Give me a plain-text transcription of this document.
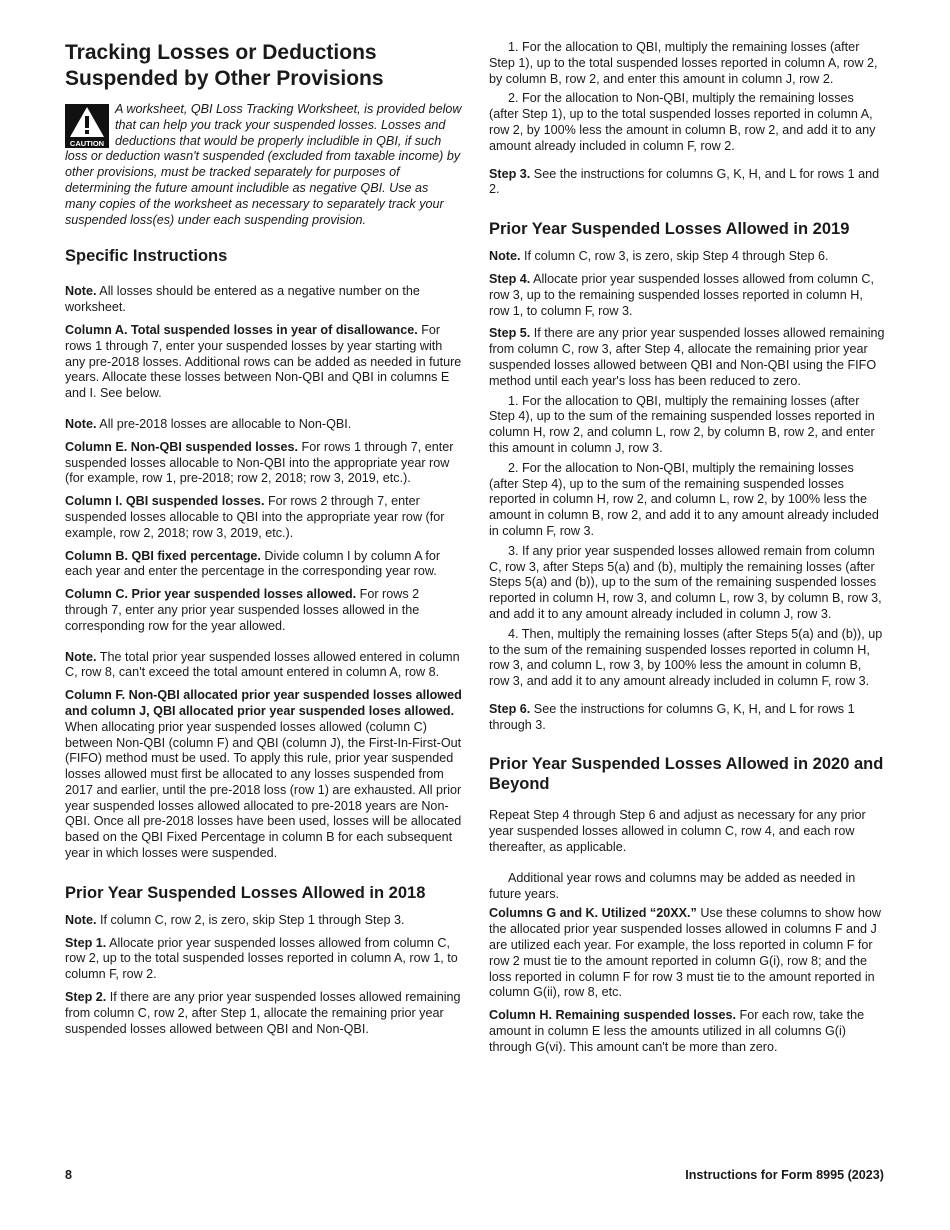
Tracking Losses or Deductions Suspended by Other Provisions
CAUTION
A worksheet, QBI Loss Tracking Worksheet, is provided below that can help you track your suspended losses. Losses and deductions that would be properly includible in QBI, if such loss or deduction wasn't suspended (excluded from taxable income) by other provisions, must be tracked separately for purposes of determining the future amount includible as negative QBI. Use as many copies of the worksheet as necessary to separately track your suspended loss(es) under each suspending provision.
Specific Instructions

Note. All losses should be entered as a negative number on the worksheet.

Column A. Total suspended losses in year of disallowance. For rows 1 through 7, enter your suspended losses by year starting with any pre-2018 losses. Additional rows can be added as needed in future years. Allocate these losses between Non-QBI and QBI in columns E and I. See below.

Note. All pre-2018 losses are allocable to Non-QBI.

Column E. Non-QBI suspended losses. For rows 1 through 7, enter suspended losses allocable to Non-QBI into the appropriate year row (for example, row 1, pre-2018; row 2, 2018; row 3, 2019, etc.).

Column I. QBI suspended losses. For rows 2 through 7, enter suspended losses allocable to QBI into the appropriate year row (for example, row 2, 2018; row 3, 2019, etc.).

Column B. QBI fixed percentage. Divide column I by column A for each year and enter the percentage in the corresponding year row.

Column C. Prior year suspended losses allowed. For rows 2 through 7, enter any prior year suspended losses allowed in the corresponding row for the year allowed.

Note. The total prior year suspended losses allowed entered in column C, row 8, can't exceed the total amount entered in column A, row 8.

Column F. Non-QBI allocated prior year suspended losses allowed and column J, QBI allocated prior year suspended loses allowed. When allocating prior year suspended losses allowed (column C) between Non-QBI (column F) and QBI (column J), the First-In-First-Out (FIFO) method must be used. To apply this rule, prior year suspended losses allowed must first be allocated to any losses suspended from 2017 and earlier, until the pre-2018 loss (row 1) are exhausted. All prior year suspended losses allowed allocated to pre-2018 years are Non-QBI. Once all pre-2018 losses have been used, losses will be allocated based on the QBI Fixed Percentage in column B for each subsequent year in which losses were suspended.

Prior Year Suspended Losses Allowed in 2018

Note. If column C, row 2, is zero, skip Step 1 through Step 3.

Step 1. Allocate prior year suspended losses allowed from column C, row 2, up to the total suspended losses reported in column A, row 1, to column F, row 2.

Step 2. If there are any prior year suspended losses allowed remaining from column C, row 2, after Step 1, allocate the remaining prior year suspended losses allowed between QBI and Non-QBI.

1. For the allocation to QBI, multiply the remaining losses (after Step 1), up to the total suspended losses reported in column A, row 2, by column B, row 2, and enter this amount in column J, row 2.

2. For the allocation to Non-QBI, multiply the remaining losses (after Step 1), up to the total suspended losses reported in column A, row 2, by 100% less the amount in column B, row 2, and add it to any amount already included in column F, row 2.

Step 3. See the instructions for columns G, K, H, and L for rows 1 and 2.

Prior Year Suspended Losses Allowed in 2019

Note. If column C, row 3, is zero, skip Step 4 through Step 6.

Step 4. Allocate prior year suspended losses allowed from column C, row 3, up to the remaining suspended losses reported in column H, row 1, to column F, row 3.

Step 5. If there are any prior year suspended losses allowed remaining from column C, row 3, after Step 4, allocate the remaining prior year suspended losses allowed between QBI and Non-QBI using the FIFO method until each year's loss has been reduced to zero.

1. For the allocation to QBI, multiply the remaining losses (after Step 4), up to the sum of the remaining suspended losses reported in column H, row 2, and column L, row 2, by column B, row 2, and enter this amount in column J, row 3.

2. For the allocation to Non-QBI, multiply the remaining losses (after Step 4), up to the sum of the remaining suspended losses reported in column H, row 2, and column L, row 2, by 100% less the amount in column B, row 2, and add it to any amount already included in column F, row 3.

3. If any prior year suspended losses allowed remain from column C, row 3, after Steps 5(a) and (b), multiply the remaining losses (after Steps 5(a) and (b)), up to the sum of the remaining suspended losses reported in column H, row 3, and column L, row 3, by column B, row 3, and add it to any amount already included in column J, row 3.

4. Then, multiply the remaining losses (after Steps 5(a) and (b)), up to the sum of the remaining suspended losses reported in column H, row 3, and column L, row 3, by 100% less the amount in column B, row 3, and add it to any amount already included in column F, row 3.

Step 6. See the instructions for columns G, K, H, and L for rows 1 through 3.

Prior Year Suspended Losses Allowed in 2020 and Beyond

Repeat Step 4 through Step 6 and adjust as necessary for any prior year suspended losses allowed in column C, row 4, and each row thereafter, as applicable.

Additional year rows and columns may be added as needed in future years.

Columns G and K. Utilized “20XX.” Use these columns to show how the allocated prior year suspended losses allowed in columns F and J are utilized each year. For example, the loss reported in column F for row 2 must tie to the amount reported in column G(i), row 8; and the loss reported in column F for row 3 must tie to the amount reported in column G(ii), row 8, etc.

Column H. Remaining suspended losses. For each row, take the amount in column E less the amounts utilized in all columns G(i) through G(vi). This amount can't be more than zero.

8	Instructions for Form 8995 (2023)
